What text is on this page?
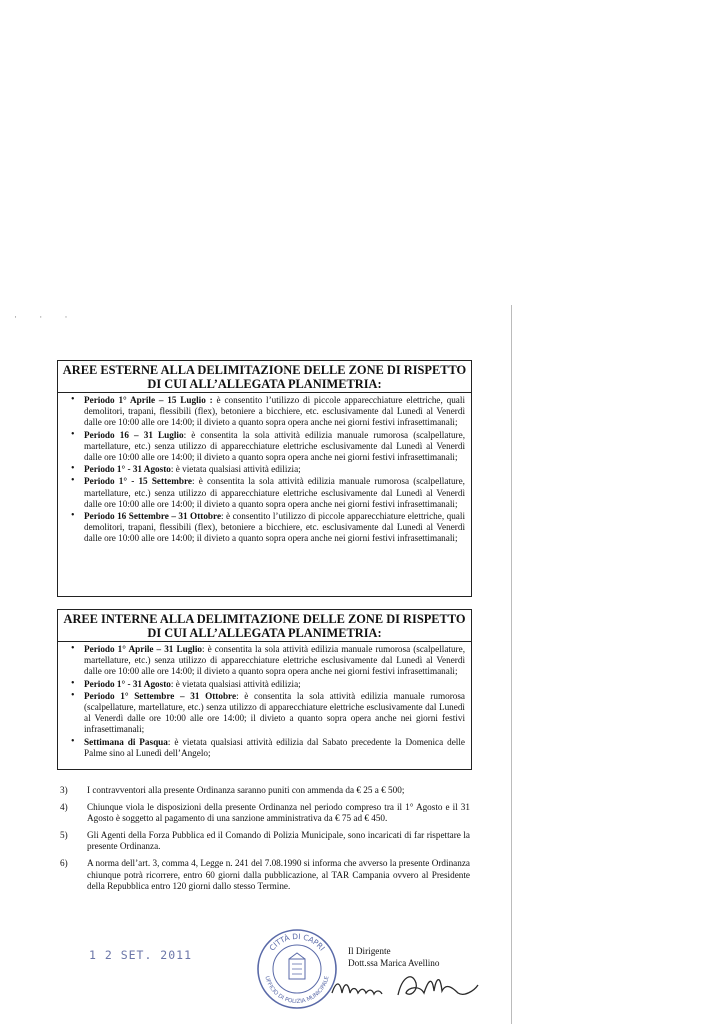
· · ·
AREE ESTERNE ALLA DELIMITAZIONE DELLE ZONE DI RISPETTO DI CUI ALL’ALLEGATA PLANIMETRIA:
• Periodo 1° Aprile – 15 Luglio : è consentito l’utilizzo di piccole apparecchiature elettriche, quali demolitori, trapani, flessibili (flex), betoniere a bicchiere, etc. esclusivamente dal Lunedì al Venerdì dalle ore 10:00 alle ore 14:00; il divieto a quanto sopra opera anche nei giorni festivi infrasettimanali;
• Periodo 16 – 31 Luglio: è consentita la sola attività edilizia manuale rumorosa (scalpellature, martellature, etc.) senza utilizzo di apparecchiature elettriche esclusivamente dal Lunedì al Venerdì dalle ore 10:00 alle ore 14:00; il divieto a quanto sopra opera anche nei giorni festivi infrasettimanali;
• Periodo 1° - 31 Agosto: è vietata qualsiasi attività edilizia;
• Periodo 1° - 15 Settembre: è consentita la sola attività edilizia manuale rumorosa (scalpellature, martellature, etc.) senza utilizzo di apparecchiature elettriche esclusivamente dal Lunedì al Venerdì dalle ore 10:00 alle ore 14:00; il divieto a quanto sopra opera anche nei giorni festivi infrasettimanali;
• Periodo 16 Settembre – 31 Ottobre: è consentito l’utilizzo di piccole apparecchiature elettriche, quali demolitori, trapani, flessibili (flex), betoniere a bicchiere, etc. esclusivamente dal Lunedì al Venerdì dalle ore 10:00 alle ore 14:00; il divieto a quanto sopra opera anche nei giorni festivi infrasettimanali;
AREE INTERNE ALLA DELIMITAZIONE DELLE ZONE DI RISPETTO DI CUI ALL’ALLEGATA PLANIMETRIA:
• Periodo 1° Aprile – 31 Luglio: è consentita la sola attività edilizia manuale rumorosa (scalpellature, martellature, etc.) senza utilizzo di apparecchiature elettriche esclusivamente dal Lunedì al Venerdì dalle ore 10:00 alle ore 14:00; il divieto a quanto sopra opera anche nei giorni festivi infrasettimanali;
• Periodo 1° - 31 Agosto: è vietata qualsiasi attività edilizia;
• Periodo 1° Settembre – 31 Ottobre: è consentita la sola attività edilizia manuale rumorosa (scalpellature, martellature, etc.) senza utilizzo di apparecchiature elettriche esclusivamente dal Lunedì al Venerdì dalle ore 10:00 alle ore 14:00; il divieto a quanto sopra opera anche nei giorni festivi infrasettimanali;
• Settimana di Pasqua: è vietata qualsiasi attività edilizia dal Sabato precedente la Domenica delle Palme sino al Lunedì dell’Angelo;
3) I contravventori alla presente Ordinanza saranno puniti con ammenda da € 25 a € 500;
4) Chiunque viola le disposizioni della presente Ordinanza nel periodo compreso tra il 1° Agosto e il 31 Agosto è soggetto al pagamento di una sanzione amministrativa da € 75 ad € 450.
5) Gli Agenti della Forza Pubblica ed il Comando di Polizia Municipale, sono incaricati di far rispettare la presente Ordinanza.
6) A norma dell’art. 3, comma 4, Legge n. 241 del 7.08.1990 si informa che avverso la presente Ordinanza chiunque potrà ricorrere, entro 60 giorni dalla pubblicazione, al TAR Campania ovvero al Presidente della Repubblica entro 120 giorni dallo stesso Termine.
1 2 SET. 2011
CITTÀ DI CAPRI
UFFICIO DI POLIZIA MUNICIPALE
Il Dirigente
Dott.ssa Marica Avellino
